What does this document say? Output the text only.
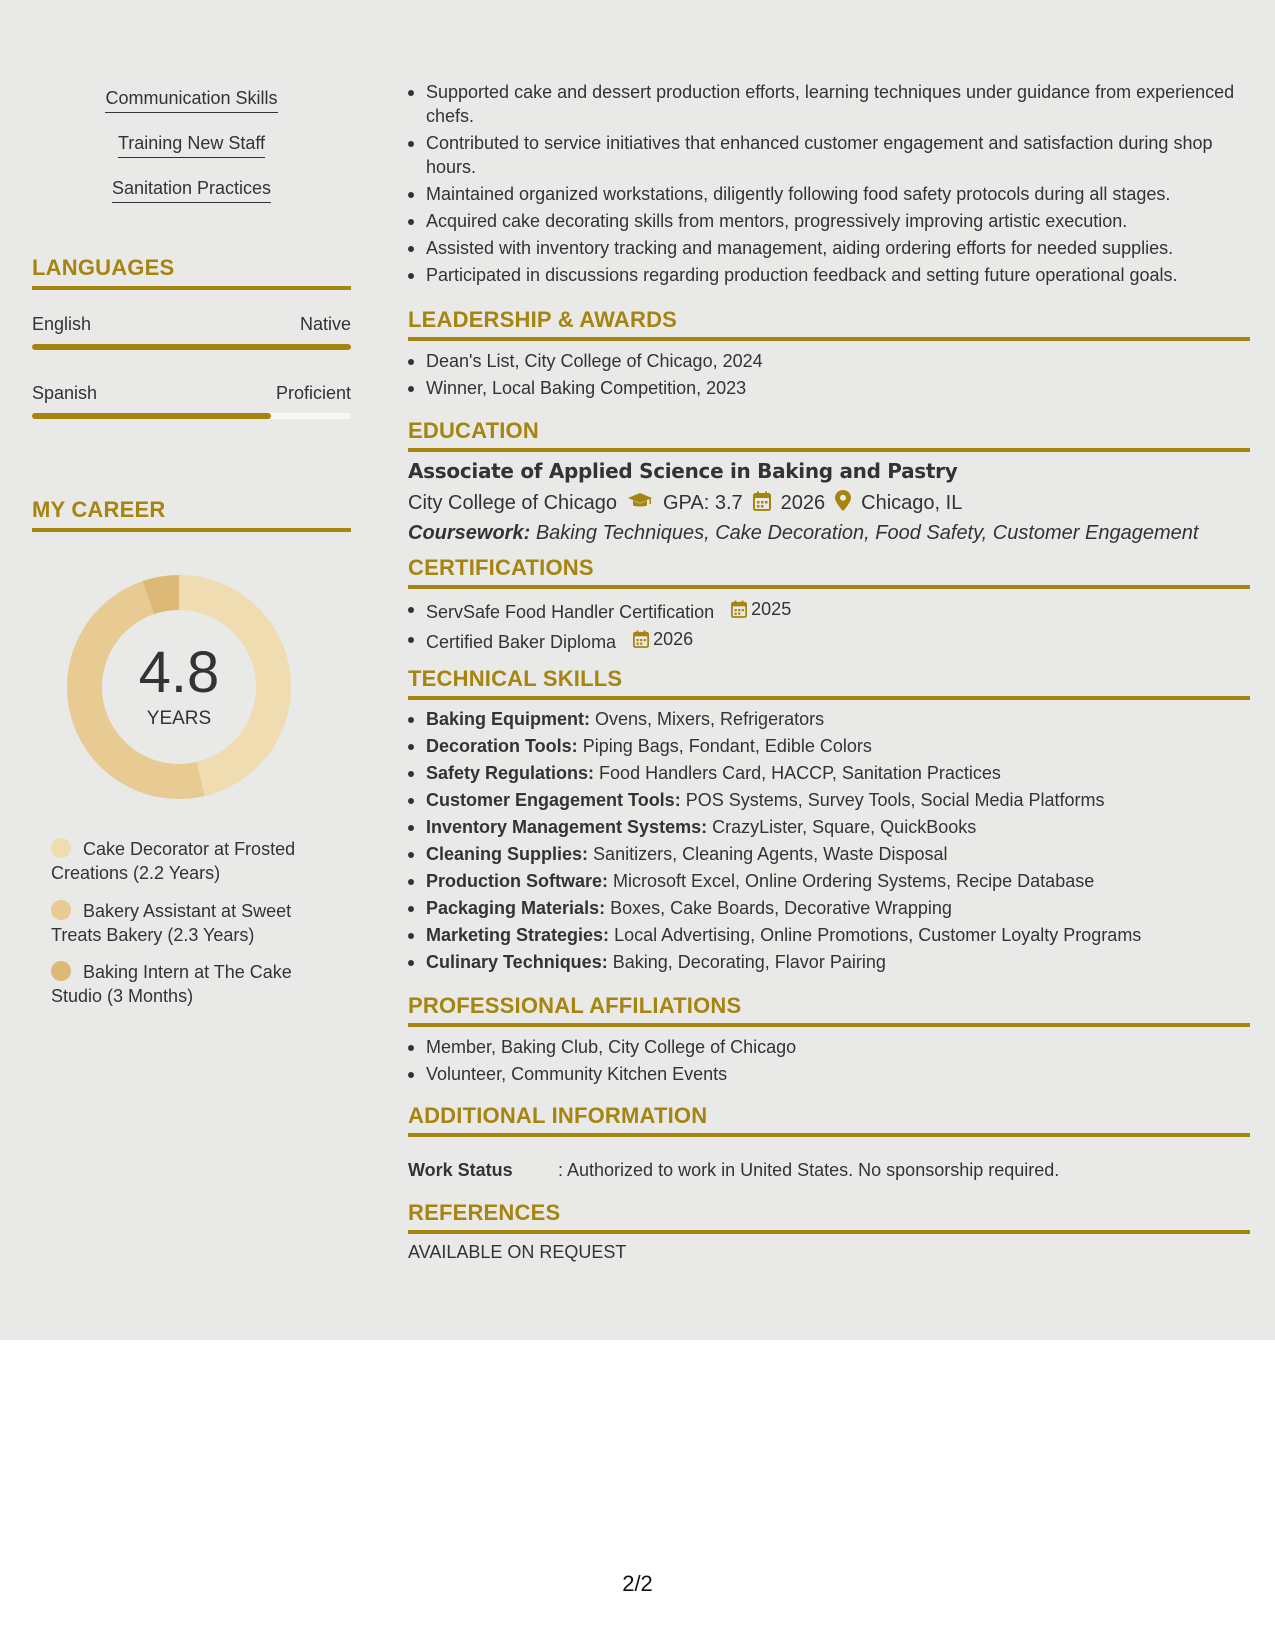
Communication Skills
Training New Staff
Sanitation Practices
LANGUAGES
English	Native
Spanish	Proficient
MY CAREER
4.8
YEARS
Cake Decorator at Frosted Creations (2.2 Years)
Bakery Assistant at Sweet Treats Bakery (2.3 Years)
Baking Intern at The Cake Studio (3 Months)
Supported cake and dessert production efforts, learning techniques under guidance from experienced chefs.
Contributed to service initiatives that enhanced customer engagement and satisfaction during shop hours.
Maintained organized workstations, diligently following food safety protocols during all stages.
Acquired cake decorating skills from mentors, progressively improving artistic execution.
Assisted with inventory tracking and management, aiding ordering efforts for needed supplies.
Participated in discussions regarding production feedback and setting future operational goals.
LEADERSHIP & AWARDS
Dean's List, City College of Chicago, 2024
Winner, Local Baking Competition, 2023
EDUCATION
Associate of Applied Science in Baking and Pastry
City College of Chicago GPA: 3.7 2026 Chicago, IL
Coursework: Baking Techniques, Cake Decoration, Food Safety, Customer Engagement
CERTIFICATIONS
ServSafe Food Handler Certification 2025
Certified Baker Diploma 2026
TECHNICAL SKILLS
Baking Equipment: Ovens, Mixers, Refrigerators
Decoration Tools: Piping Bags, Fondant, Edible Colors
Safety Regulations: Food Handlers Card, HACCP, Sanitation Practices
Customer Engagement Tools: POS Systems, Survey Tools, Social Media Platforms
Inventory Management Systems: CrazyLister, Square, QuickBooks
Cleaning Supplies: Sanitizers, Cleaning Agents, Waste Disposal
Production Software: Microsoft Excel, Online Ordering Systems, Recipe Database
Packaging Materials: Boxes, Cake Boards, Decorative Wrapping
Marketing Strategies: Local Advertising, Online Promotions, Customer Loyalty Programs
Culinary Techniques: Baking, Decorating, Flavor Pairing
PROFESSIONAL AFFILIATIONS
Member, Baking Club, City College of Chicago
Volunteer, Community Kitchen Events
ADDITIONAL INFORMATION
Work Status	: Authorized to work in United States. No sponsorship required.
REFERENCES
AVAILABLE ON REQUEST
2/2
